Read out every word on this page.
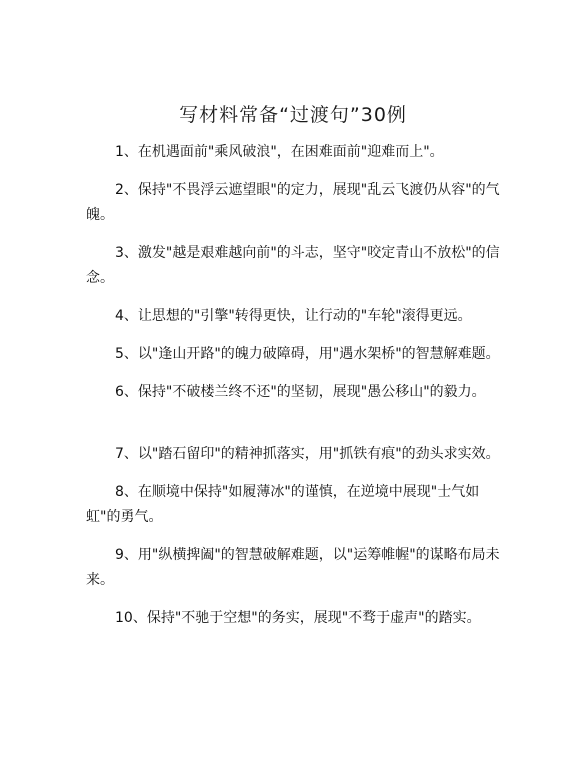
写材料常备“过渡句”30例

1、在机遇面前"乘风破浪"，在困难面前"迎难而上"。

2、保持"不畏浮云遮望眼"的定力，展现"乱云飞渡仍从容"的气魄。

3、激发"越是艰难越向前"的斗志，坚守"咬定青山不放松"的信念。

4、让思想的"引擎"转得更快，让行动的"车轮"滚得更远。

5、以"逢山开路"的魄力破障碍，用"遇水架桥"的智慧解难题。

6、保持"不破楼兰终不还"的坚韧，展现"愚公移山"的毅力。

7、以"踏石留印"的精神抓落实，用"抓铁有痕"的劲头求实效。

8、在顺境中保持"如履薄冰"的谨慎，在逆境中展现"士气如虹"的勇气。

9、用"纵横捭阖"的智慧破解难题，以"运筹帷幄"的谋略布局未来。

10、保持"不驰于空想"的务实，展现"不骛于虚声"的踏实。
